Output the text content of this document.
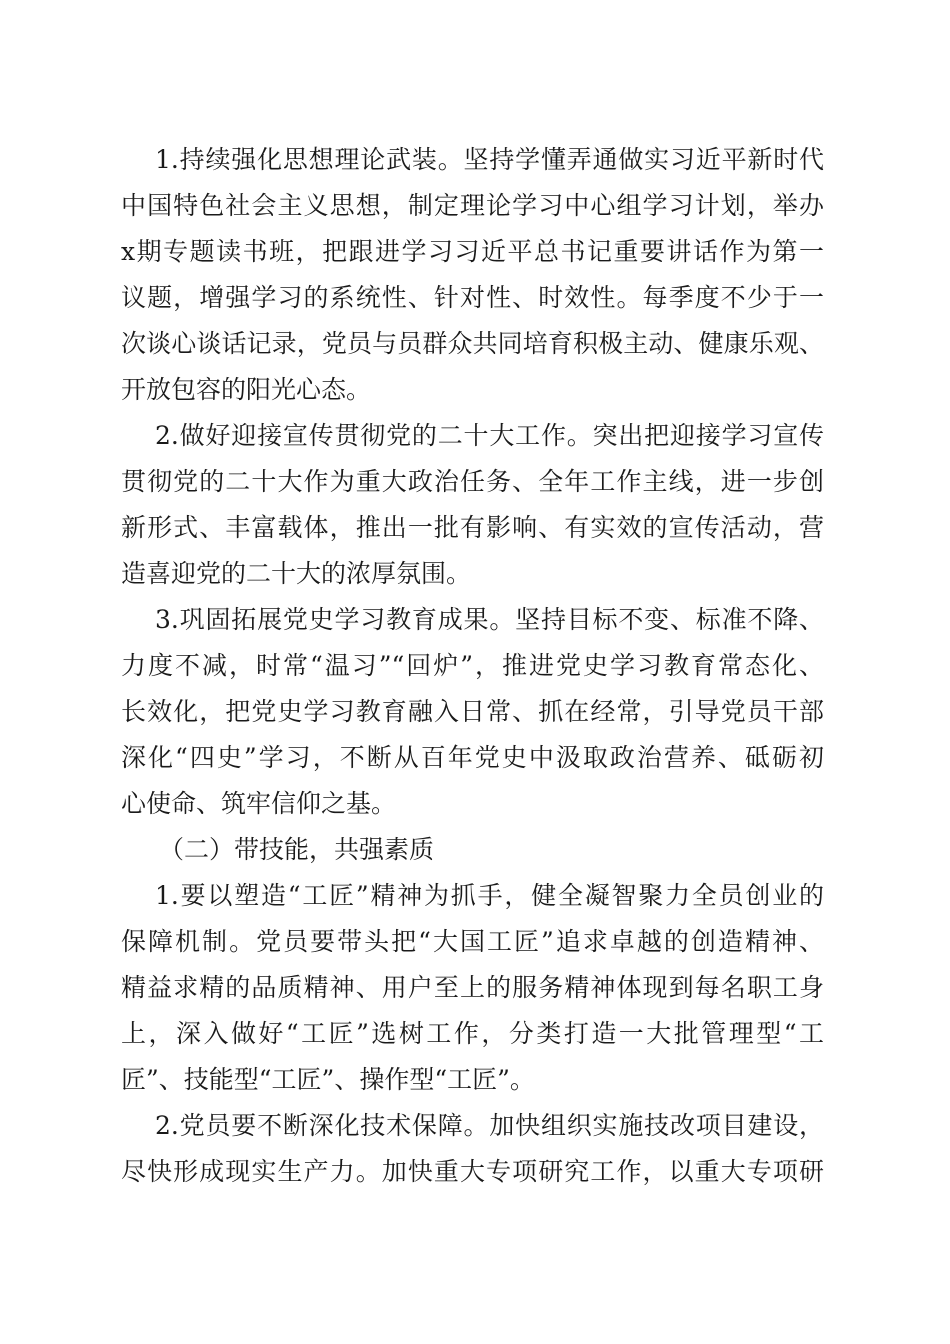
1.持续强化思想理论武装。坚持学懂弄通做实习近平新时代
中国特色社会主义思想，制定理论学习中心组学习计划，举办
x期专题读书班，把跟进学习习近平总书记重要讲话作为第一
议题，增强学习的系统性、针对性、时效性。每季度不少于一
次谈心谈话记录，党员与员群众共同培育积极主动、健康乐观、
开放包容的阳光心态。
2.做好迎接宣传贯彻党的二十大工作。突出把迎接学习宣传
贯彻党的二十大作为重大政治任务、全年工作主线，进一步创
新形式、丰富载体，推出一批有影响、有实效的宣传活动，营
造喜迎党的二十大的浓厚氛围。
3.巩固拓展党史学习教育成果。坚持目标不变、标准不降、
力度不减，时常“温习”“回炉”，推进党史学习教育常态化、
长效化，把党史学习教育融入日常、抓在经常，引导党员干部
深化“四史”学习，不断从百年党史中汲取政治营养、砥砺初
心使命、筑牢信仰之基。
（二）带技能，共强素质
1.要以塑造“工匠”精神为抓手，健全凝智聚力全员创业的
保障机制。党员要带头把“大国工匠”追求卓越的创造精神、
精益求精的品质精神、用户至上的服务精神体现到每名职工身
上，深入做好“工匠”选树工作，分类打造一大批管理型“工
匠”、技能型“工匠”、操作型“工匠”。
2.党员要不断深化技术保障。加快组织实施技改项目建设，
尽快形成现实生产力。加快重大专项研究工作，以重大专项研
